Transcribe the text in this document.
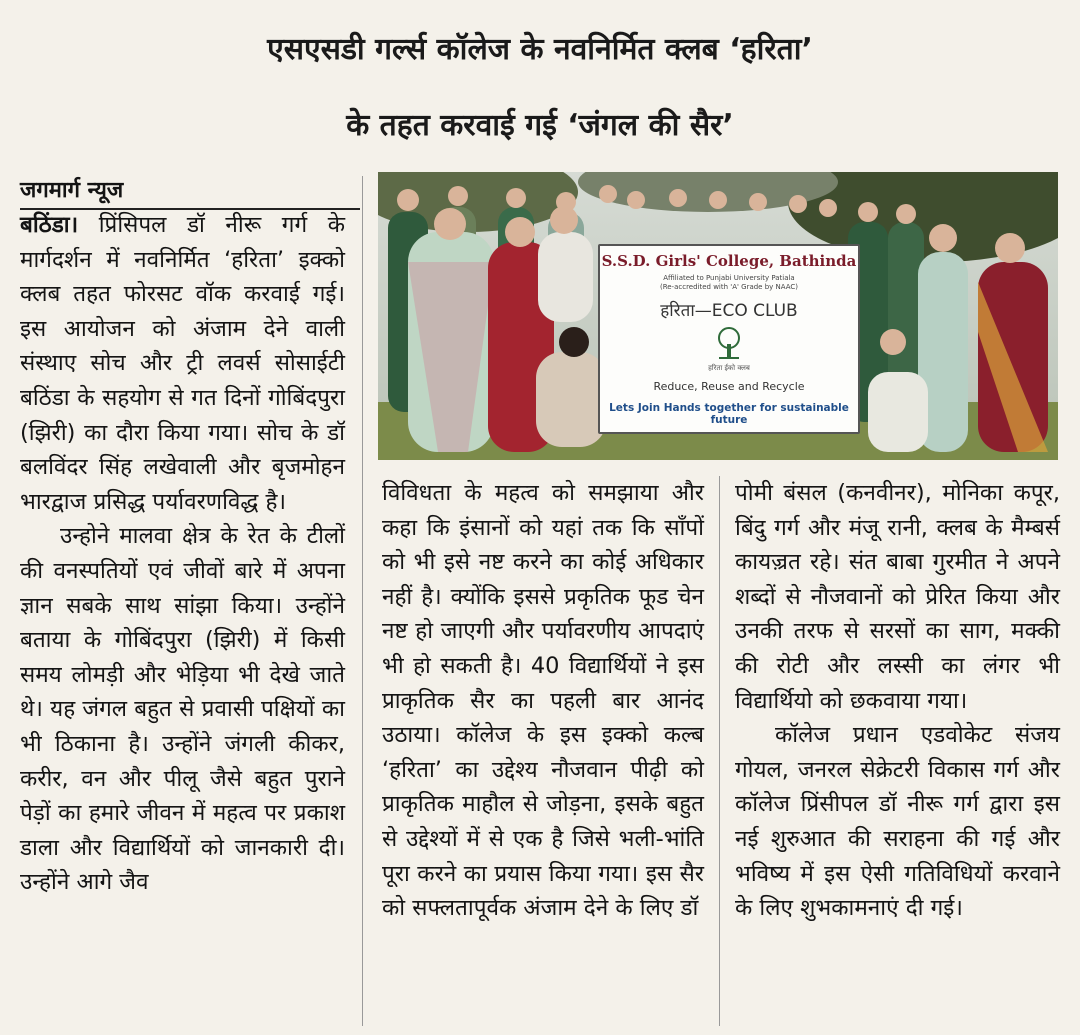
एसएसडी गर्ल्स कॉलेज के नवनिर्मित क्लब ‘हरिता’
के तहत करवाई गई ‘जंगल की सैर’
जगमार्ग न्यूज

बठिंडा। प्रिंसिपल डॉ नीरू गर्ग के मार्गदर्शन में नवनिर्मित ‘हरिता’ इक्को क्लब तहत फोरसट वॉक करवाई गई। इस आयोजन को अंजाम देने वाली संस्थाए सोच और ट्री लवर्स सोसाईटी बठिंडा के सहयोग से गत दिनों गोबिंदपुरा (झिरी) का दौरा किया गया। सोच के डॉ बलविंदर सिंह लखेवाली और बृजमोहन भारद्वाज प्रसिद्ध पर्यावरणविद्ध है।

उन्होने मालवा क्षेत्र के रेत के टीलों की वनस्पतियों एवं जीवों बारे में अपना ज्ञान सबके साथ सांझा किया। उन्होंने बताया के गोबिंदपुरा (झिरी) में किसी समय लोमड़ी और भेड़िया भी देखे जाते थे। यह जंगल बहुत से प्रवासी पक्षियों का भी ठिकाना है। उन्होंने जंगली कीकर, करीर, वन और पीलू जैसे बहुत पुराने पेड़ों का हमारे जीवन में महत्व पर प्रकाश डाला और विद्यार्थियों को जानकारी दी। उन्होंने आगे जैव

S.S.D. Girls' College, Bathinda
Affiliated to Punjabi University Patiala
(Re-accredited with 'A' Grade by NAAC)
हरिता—ECO CLUB
हरिता ईको क्लब
Reduce, Reuse and Recycle
Lets Join Hands together for sustainable future

विविधता के महत्व को समझाया और कहा कि इंसानों को यहां तक कि साँपों को भी इसे नष्ट करने का कोई अधिकार नहीं है। क्योंकि इससे प्रकृतिक फूड चेन नष्ट हो जाएगी और पर्यावरणीय आपदाएं भी हो सकती है। 40 विद्यार्थियों ने इस प्राकृतिक सैर का पहली बार आनंद उठाया। कॉलेज के इस इक्को कल्ब ‘हरिता’ का उद्देश्य नौजवान पीढ़ी को प्राकृतिक माहौल से जोड़ना, इसके बहुत से उद्देश्यों में से एक है जिसे भली-भांति पूरा करने का प्रयास किया गया। इस सैर को सफ्लतापूर्वक अंजाम देने के लिए डॉ

पोमी बंसल (कनवीनर), मोनिका कपूर, बिंदु गर्ग और मंजू रानी, क्लब के मैम्बर्स कायज़्रत रहे। संत बाबा गुरमीत ने अपने शब्दों से नौजवानों को प्रेरित किया और उनकी तरफ से सरसों का साग, मक्की की रोटी और लस्सी का लंगर भी विद्यार्थियो को छकवाया गया।

कॉलेज प्रधान एडवोकेट संजय गोयल, जनरल सेक्रेटरी विकास गर्ग और कॉलेज प्रिंसीपल डॉ नीरू गर्ग द्वारा इस नई शुरुआत की सराहना की गई और भविष्य में इस ऐसी गतिविधियों करवाने के लिए शुभकामनाएं दी गई।
